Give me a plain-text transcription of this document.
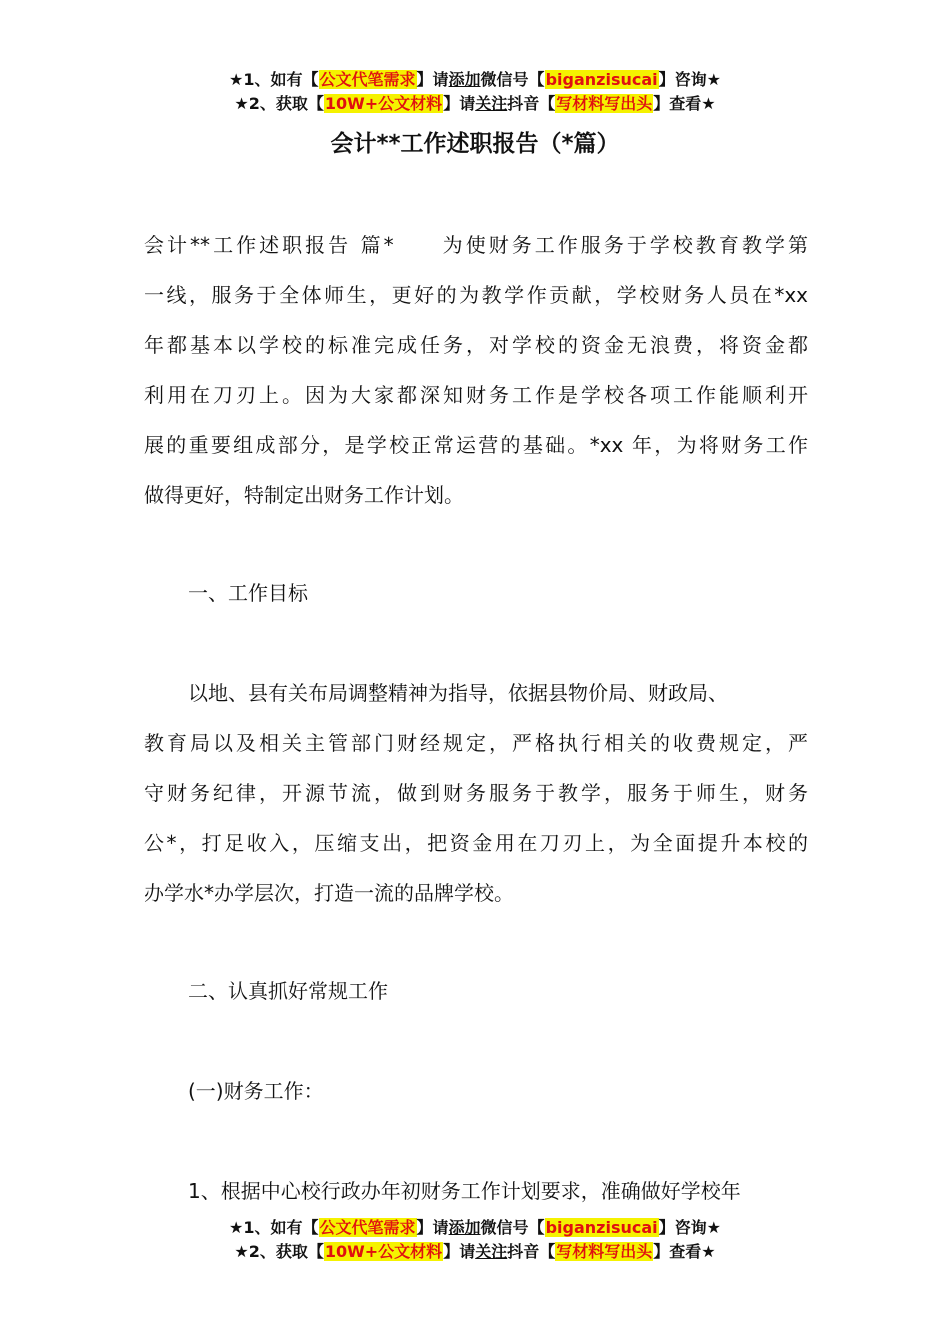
★1、如有【公文代笔需求】请添加微信号【biganzisucai】咨询★
★2、获取【10W+公文材料】请关注抖音【写材料写出头】查看★
会计**工作述职报告（*篇）
会计**工作述职报告 篇*　　为使财务工作服务于学校教育教学第
一线，服务于全体师生，更好的为教学作贡献，学校财务人员在*xx
年都基本以学校的标准完成任务，对学校的资金无浪费，将资金都
利用在刀刃上。因为大家都深知财务工作是学校各项工作能顺利开
展的重要组成部分，是学校正常运营的基础。*xx 年，为将财务工作
做得更好，特制定出财务工作计划。
一、工作目标
以地、县有关布局调整精神为指导，依据县物价局、财政局、
教育局以及相关主管部门财经规定，严格执行相关的收费规定，严
守财务纪律，开源节流，做到财务服务于教学，服务于师生，财务
公*，打足收入，压缩支出，把资金用在刀刃上，为全面提升本校的
办学水*办学层次，打造一流的品牌学校。
二、认真抓好常规工作
(一)财务工作：
1、根据中心校行政办年初财务工作计划要求，准确做好学校年
★1、如有【公文代笔需求】请添加微信号【biganzisucai】咨询★
★2、获取【10W+公文材料】请关注抖音【写材料写出头】查看★
